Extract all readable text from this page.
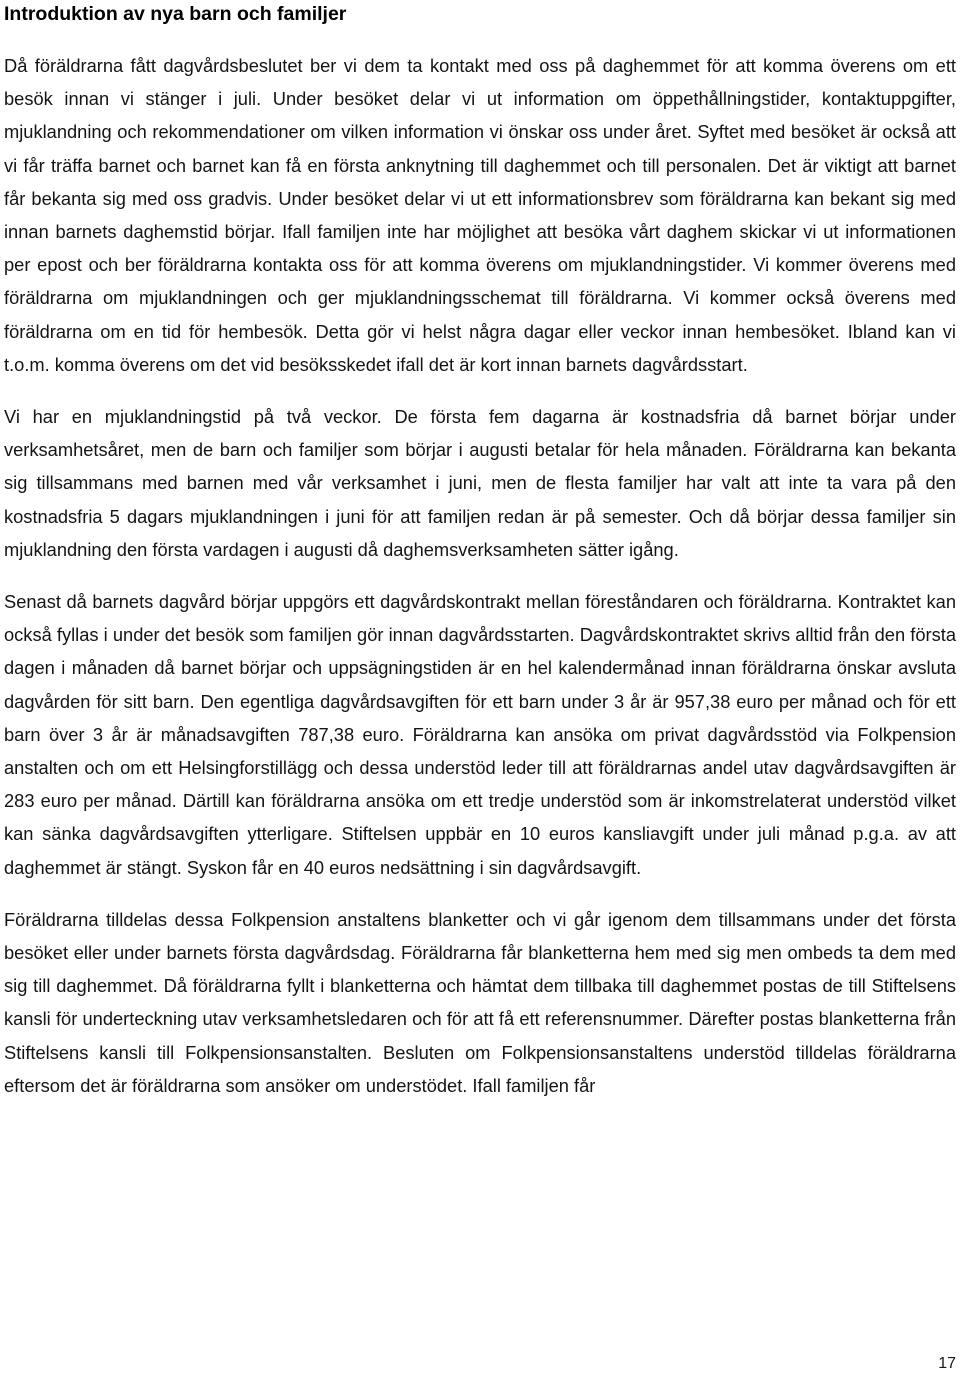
Introduktion av nya barn och familjer

Då föräldrarna fått dagvårdsbeslutet ber vi dem ta kontakt med oss på daghemmet för att komma överens om ett besök innan vi stänger i juli. Under besöket delar vi ut information om öppethållningstider, kontaktuppgifter, mjuklandning och rekommendationer om vilken information vi önskar oss under året. Syftet med besöket är också att vi får träffa barnet och barnet kan få en första anknytning till daghemmet och till personalen. Det är viktigt att barnet får bekanta sig med oss gradvis. Under besöket delar vi ut ett informationsbrev som föräldrarna kan bekant sig med innan barnets daghemstid börjar. Ifall familjen inte har möjlighet att besöka vårt daghem skickar vi ut informationen per epost och ber föräldrarna kontakta oss för att komma överens om mjuklandningstider. Vi kommer överens med föräldrarna om mjuklandningen och ger mjuklandningsschemat till föräldrarna. Vi kommer också överens med föräldrarna om en tid för hembesök. Detta gör vi helst några dagar eller veckor innan hembesöket. Ibland kan vi t.o.m. komma överens om det vid besöksskedet ifall det är kort innan barnets dagvårdsstart.

Vi har en mjuklandningstid på två veckor. De första fem dagarna är kostnadsfria då barnet börjar under verksamhetsåret, men de barn och familjer som börjar i augusti betalar för hela månaden. Föräldrarna kan bekanta sig tillsammans med barnen med vår verksamhet i juni, men de flesta familjer har valt att inte ta vara på den kostnadsfria 5 dagars mjuklandningen i juni för att familjen redan är på semester. Och då börjar dessa familjer sin mjuklandning den första vardagen i augusti då daghemsverksamheten sätter igång.

Senast då barnets dagvård börjar uppgörs ett dagvårdskontrakt mellan föreståndaren och föräldrarna. Kontraktet kan också fyllas i under det besök som familjen gör innan dagvårdsstarten. Dagvårdskontraktet skrivs alltid från den första dagen i månaden då barnet börjar och uppsägningstiden är en hel kalendermånad innan föräldrarna önskar avsluta dagvården för sitt barn. Den egentliga dagvårdsavgiften för ett barn under 3 år är 957,38 euro per månad och för ett barn över 3 år är månadsavgiften 787,38 euro. Föräldrarna kan ansöka om privat dagvårdsstöd via Folkpension anstalten och om ett Helsingforstillägg och dessa understöd leder till att föräldrarnas andel utav dagvårdsavgiften är 283 euro per månad. Därtill kan föräldrarna ansöka om ett tredje understöd som är inkomstrelaterat understöd vilket kan sänka dagvårdsavgiften ytterligare. Stiftelsen uppbär en 10 euros kansliavgift under juli månad p.g.a. av att daghemmet är stängt. Syskon får en 40 euros nedsättning i sin dagvårdsavgift.

Föräldrarna tilldelas dessa Folkpension anstaltens blanketter och vi går igenom dem tillsammans under det första besöket eller under barnets första dagvårdsdag. Föräldrarna får blanketterna hem med sig men ombeds ta dem med sig till daghemmet. Då föräldrarna fyllt i blanketterna och hämtat dem tillbaka till daghemmet postas de till Stiftelsens kansli för underteckning utav verksamhetsledaren och för att få ett referensnummer. Därefter postas blanketterna från Stiftelsens kansli till Folkpensionsanstalten. Besluten om Folkpensionsanstaltens understöd tilldelas föräldrarna eftersom det är föräldrarna som ansöker om understödet. Ifall familjen får

17
